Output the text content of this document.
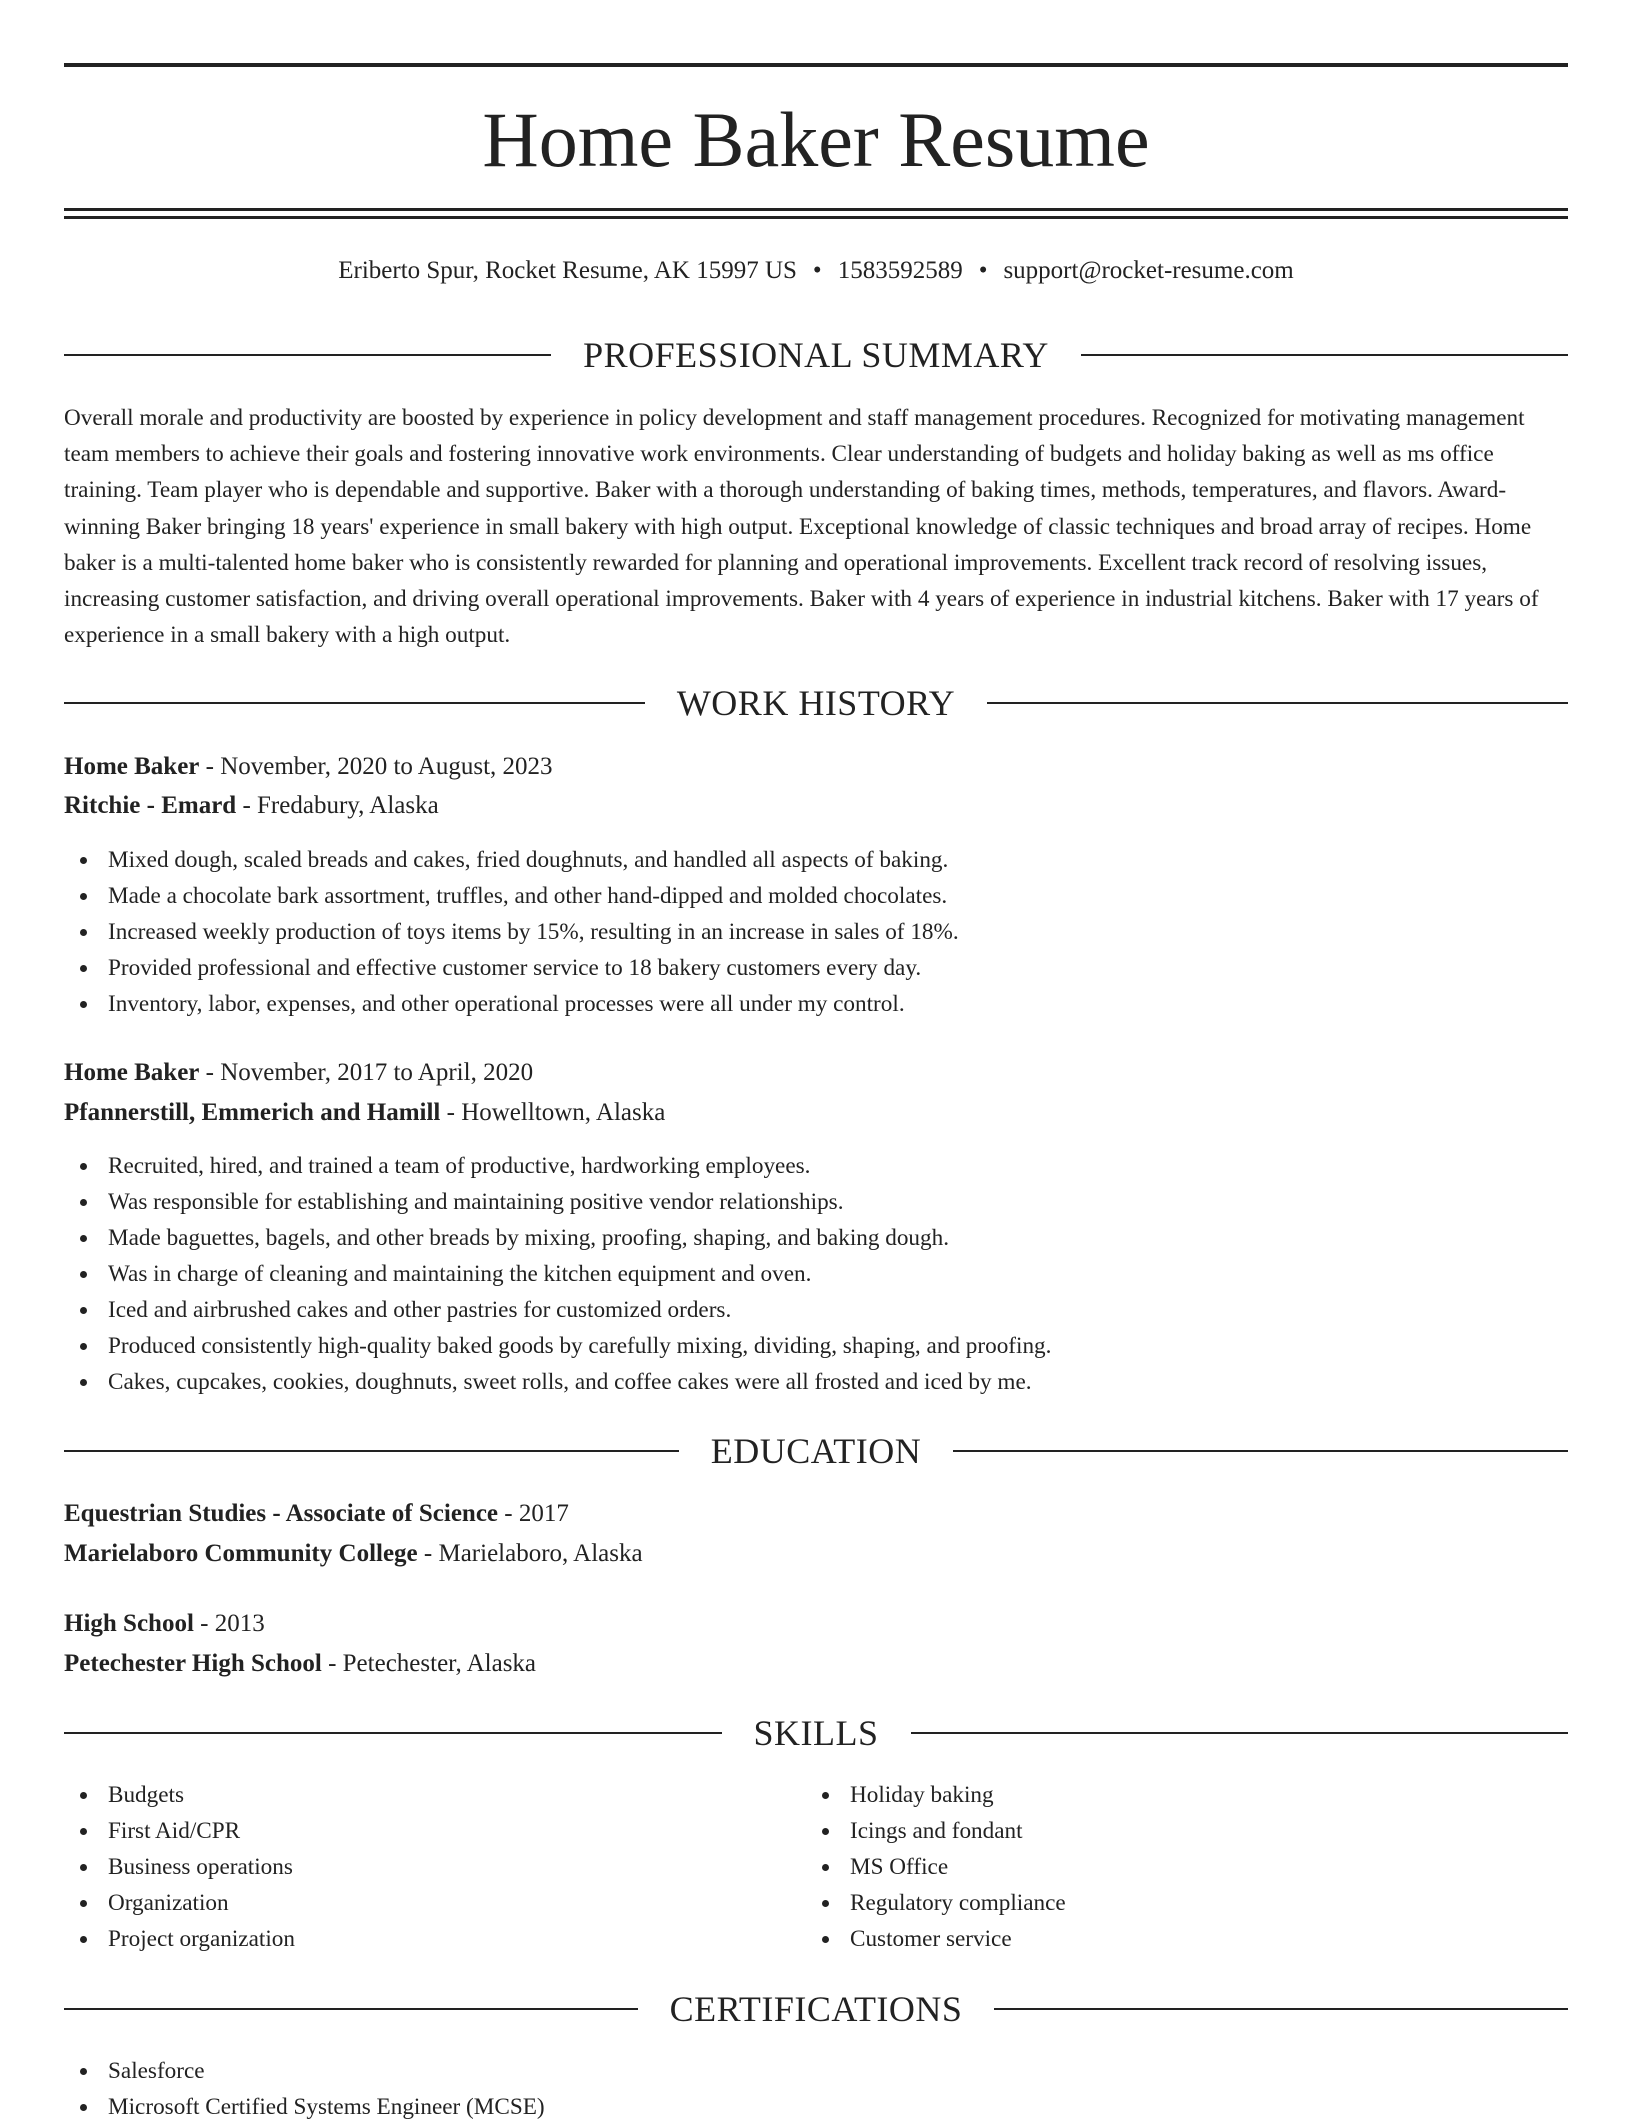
Home Baker Resume
Eriberto Spur, Rocket Resume, AK 15997 US • 1583592589 • support@rocket-resume.com
PROFESSIONAL SUMMARY

Overall morale and productivity are boosted by experience in policy development and staff management procedures. Recognized for motivating management team members to achieve their goals and fostering innovative work environments. Clear understanding of budgets and holiday baking as well as ms office training. Team player who is dependable and supportive. Baker with a thorough understanding of baking times, methods, temperatures, and flavors. Award-winning Baker bringing 18 years' experience in small bakery with high output. Exceptional knowledge of classic techniques and broad array of recipes. Home baker is a multi-talented home baker who is consistently rewarded for planning and operational improvements. Excellent track record of resolving issues, increasing customer satisfaction, and driving overall operational improvements. Baker with 4 years of experience in industrial kitchens. Baker with 17 years of experience in a small bakery with a high output.

WORK HISTORY
Home Baker - November, 2020 to August, 2023
Ritchie - Emard - Fredabury, Alaska
Mixed dough, scaled breads and cakes, fried doughnuts, and handled all aspects of baking.
Made a chocolate bark assortment, truffles, and other hand-dipped and molded chocolates.
Increased weekly production of toys items by 15%, resulting in an increase in sales of 18%.
Provided professional and effective customer service to 18 bakery customers every day.
Inventory, labor, expenses, and other operational processes were all under my control.
Home Baker - November, 2017 to April, 2020
Pfannerstill, Emmerich and Hamill - Howelltown, Alaska
Recruited, hired, and trained a team of productive, hardworking employees.
Was responsible for establishing and maintaining positive vendor relationships.
Made baguettes, bagels, and other breads by mixing, proofing, shaping, and baking dough.
Was in charge of cleaning and maintaining the kitchen equipment and oven.
Iced and airbrushed cakes and other pastries for customized orders.
Produced consistently high-quality baked goods by carefully mixing, dividing, shaping, and proofing.
Cakes, cupcakes, cookies, doughnuts, sweet rolls, and coffee cakes were all frosted and iced by me.
EDUCATION
Equestrian Studies - Associate of Science - 2017
Marielaboro Community College - Marielaboro, Alaska
High School - 2013
Petechester High School - Petechester, Alaska
SKILLS
Budgets
First Aid/CPR
Business operations
Organization
Project organization
Holiday baking
Icings and fondant
MS Office
Regulatory compliance
Customer service
CERTIFICATIONS
Salesforce
Microsoft Certified Systems Engineer (MCSE)
